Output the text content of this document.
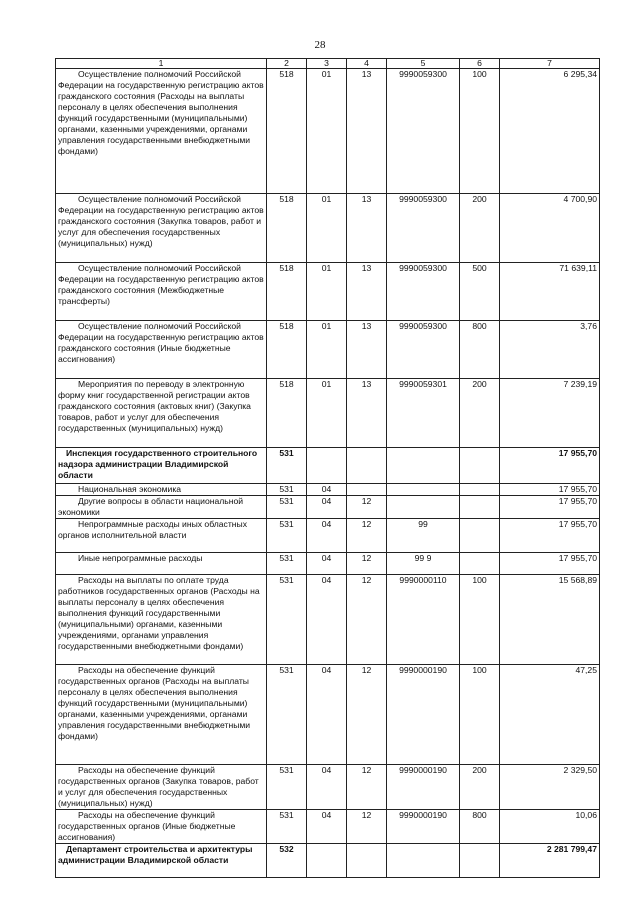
28
1	2	3	4	5	6	7
Осуществление полномочий Российской Федерации на государственную регистрацию актов гражданского состояния (Расходы на выплаты персоналу в целях обеспечения выполнения функций государственными (муниципальными) органами, казенными учреждениями, органами управления государственными внебюджетными фондами)	518	01	13	9990059300	100	6 295,34
Осуществление полномочий Российской Федерации на государственную регистрацию актов гражданского состояния (Закупка товаров, работ и услуг для обеспечения государственных (муниципальных) нужд)	518	01	13	9990059300	200	4 700,90
Осуществление полномочий Российской Федерации на государственную регистрацию актов гражданского состояния (Межбюджетные трансферты)	518	01	13	9990059300	500	71 639,11
Осуществление полномочий Российской Федерации на государственную регистрацию актов гражданского состояния (Иные бюджетные ассигнования)	518	01	13	9990059300	800	3,76
Мероприятия по переводу в электронную форму книг государственной регистрации актов гражданского состояния (актовых книг) (Закупка товаров, работ и услуг для обеспечения государственных (муниципальных) нужд)	518	01	13	9990059301	200	7 239,19
Инспекция государственного строительного надзора администрации Владимирской области	531					17 955,70
Национальная экономика	531	04				17 955,70
Другие вопросы в области национальной экономики	531	04	12			17 955,70
Непрограммные расходы иных областных органов исполнительной власти	531	04	12	99		17 955,70
Иные непрограммные расходы	531	04	12	99 9		17 955,70
Расходы на выплаты по оплате труда работников государственных органов (Расходы на выплаты персоналу в целях обеспечения выполнения функций государственными (муниципальными) органами, казенными учреждениями, органами управления государственными внебюджетными фондами)	531	04	12	9990000110	100	15 568,89
Расходы на обеспечение функций государственных органов (Расходы на выплаты персоналу в целях обеспечения выполнения функций государственными (муниципальными) органами, казенными учреждениями, органами управления государственными внебюджетными фондами)	531	04	12	9990000190	100	47,25
Расходы на обеспечение функций государственных органов (Закупка товаров, работ и услуг для обеспечения государственных (муниципальных) нужд)	531	04	12	9990000190	200	2 329,50
Расходы на обеспечение функций государственных органов (Иные бюджетные ассигнования)	531	04	12	9990000190	800	10,06
Департамент строительства и архитектуры администрации Владимирской области	532					2 281 799,47
